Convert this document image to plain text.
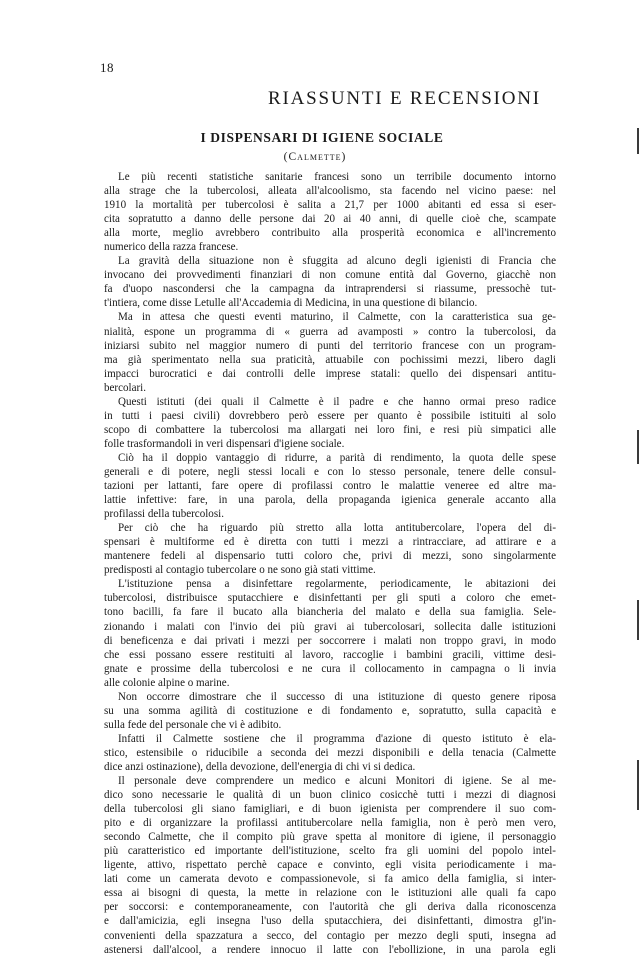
18
RIASSUNTI E RECENSIONI
I DISPENSARI DI IGIENE SOCIALE
(Calmette)
Le più recenti statistiche sanitarie francesi sono un terribile documento intorno
alla strage che la tubercolosi, alleata all'alcoolismo, sta facendo nel vicino paese: nel
1910 la mortalità per tubercolosi è salita a 21,7 per 1000 abitanti ed essa si eser-
cita sopratutto a danno delle persone dai 20 ai 40 anni, di quelle cioè che, scampate
alla morte, meglio avrebbero contribuito alla prosperità economica e all'incremento
numerico della razza francese.
La gravità della situazione non è sfuggita ad alcuno degli igienisti di Francia che
invocano dei provvedimenti finanziari di non comune entità dal Governo, giacchè non
fa d'uopo nascondersi che la campagna da intraprendersi si riassume, pressochè tut-
t'intiera, come disse Letulle all'Accademia di Medicina, in una questione di bilancio.
Ma in attesa che questi eventi maturino, il Calmette, con la caratteristica sua ge-
nialità, espone un programma di « guerra ad avamposti » contro la tubercolosi, da
iniziarsi subito nel maggior numero di punti del territorio francese con un program-
ma già sperimentato nella sua praticità, attuabile con pochissimi mezzi, libero dagli
impacci burocratici e dai controlli delle imprese statali: quello dei dispensari antitu-
bercolari.
Questi istituti (dei quali il Calmette è il padre e che hanno ormai preso radice
in tutti i paesi civili) dovrebbero però essere per quanto è possibile istituiti al solo
scopo di combattere la tubercolosi ma allargati nei loro fini, e resi più simpatici alle
folle trasformandoli in veri dispensari d'igiene sociale.
Ciò ha il doppio vantaggio di ridurre, a parità di rendimento, la quota delle spese
generali e di potere, negli stessi locali e con lo stesso personale, tenere delle consul-
tazioni per lattanti, fare opere di profilassi contro le malattie veneree ed altre ma-
lattie infettive: fare, in una parola, della propaganda igienica generale accanto alla
profilassi della tubercolosi.
Per ciò che ha riguardo più stretto alla lotta antitubercolare, l'opera del di-
spensari è multiforme ed è diretta con tutti i mezzi a rintracciare, ad attirare e a
mantenere fedeli al dispensario tutti coloro che, privi di mezzi, sono singolarmente
predisposti al contagio tubercolare o ne sono già stati vittime.
L'istituzione pensa a disinfettare regolarmente, periodicamente, le abitazioni dei
tubercolosi, distribuisce sputacchiere e disinfettanti per gli sputi a coloro che emet-
tono bacilli, fa fare il bucato alla biancheria del malato e della sua famiglia. Sele-
zionando i malati con l'invio dei più gravi ai tubercolosari, sollecita dalle istituzioni
di beneficenza e dai privati i mezzi per soccorrere i malati non troppo gravi, in modo
che essi possano essere restituiti al lavoro, raccoglie i bambini gracili, vittime desi-
gnate e prossime della tubercolosi e ne cura il collocamento in campagna o li invia
alle colonie alpine o marine.
Non occorre dimostrare che il successo di una istituzione di questo genere riposa
su una somma agilità di costituzione e di fondamento e, sopratutto, sulla capacità e
sulla fede del personale che vi è adibito.
Infatti il Calmette sostiene che il programma d'azione di questo istituto è ela-
stico, estensibile o riducibile a seconda dei mezzi disponibili e della tenacia (Calmette
dice anzi ostinazione), della devozione, dell'energia di chi vi si dedica.
Il personale deve comprendere un medico e alcuni Monitori di igiene. Se al me-
dico sono necessarie le qualità di un buon clinico cosicchè tutti i mezzi di diagnosi
della tubercolosi gli siano famigliari, e di buon igienista per comprendere il suo com-
pito e di organizzare la profilassi antitubercolare nella famiglia, non è però men vero,
secondo Calmette, che il compito più grave spetta al monitore di igiene, il personaggio
più caratteristico ed importante dell'istituzione, scelto fra gli uomini del popolo intel-
ligente, attivo, rispettato perchè capace e convinto, egli visita periodicamente i ma-
lati come un camerata devoto e compassionevole, si fa amico della famiglia, si inter-
essa ai bisogni di questa, la mette in relazione con le istituzioni alle quali fa capo
per soccorsi: e contemporaneamente, con l'autorità che gli deriva dalla riconoscenza
e dall'amicizia, egli insegna l'uso della sputacchiera, dei disinfettanti, dimostra gl'in-
convenienti della spazzatura a secco, del contagio per mezzo degli sputi, insegna ad
astenersi dall'alcool, a rendere innocuo il latte con l'ebollizione, in una parola egli
